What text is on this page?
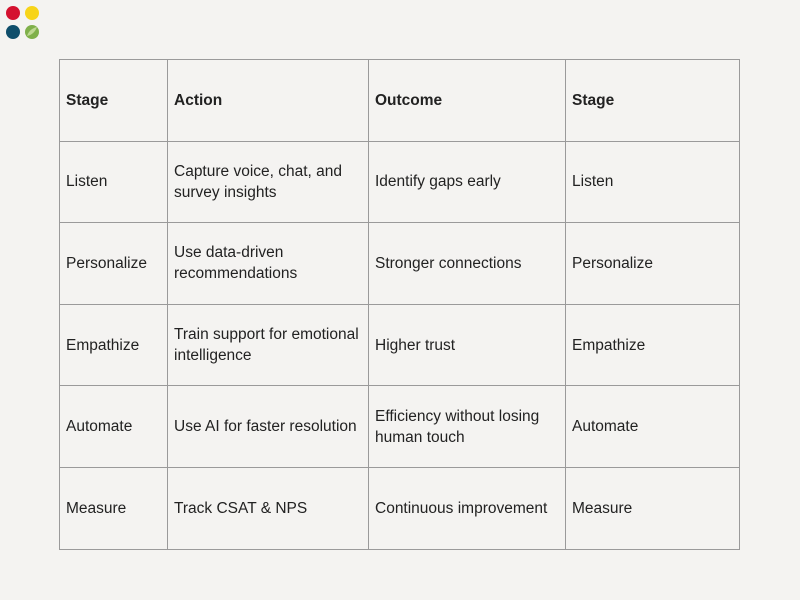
Stage	Action	Outcome	Stage
Listen	Capture voice, chat, and survey insights	Identify gaps early	Listen
Personalize	Use data-driven recommendations	Stronger connections	Personalize
Empathize	Train support for emotional intelligence	Higher trust	Empathize
Automate	Use AI for faster resolution	Efficiency without losing human touch	Automate
Measure	Track CSAT & NPS	Continuous improvement	Measure
